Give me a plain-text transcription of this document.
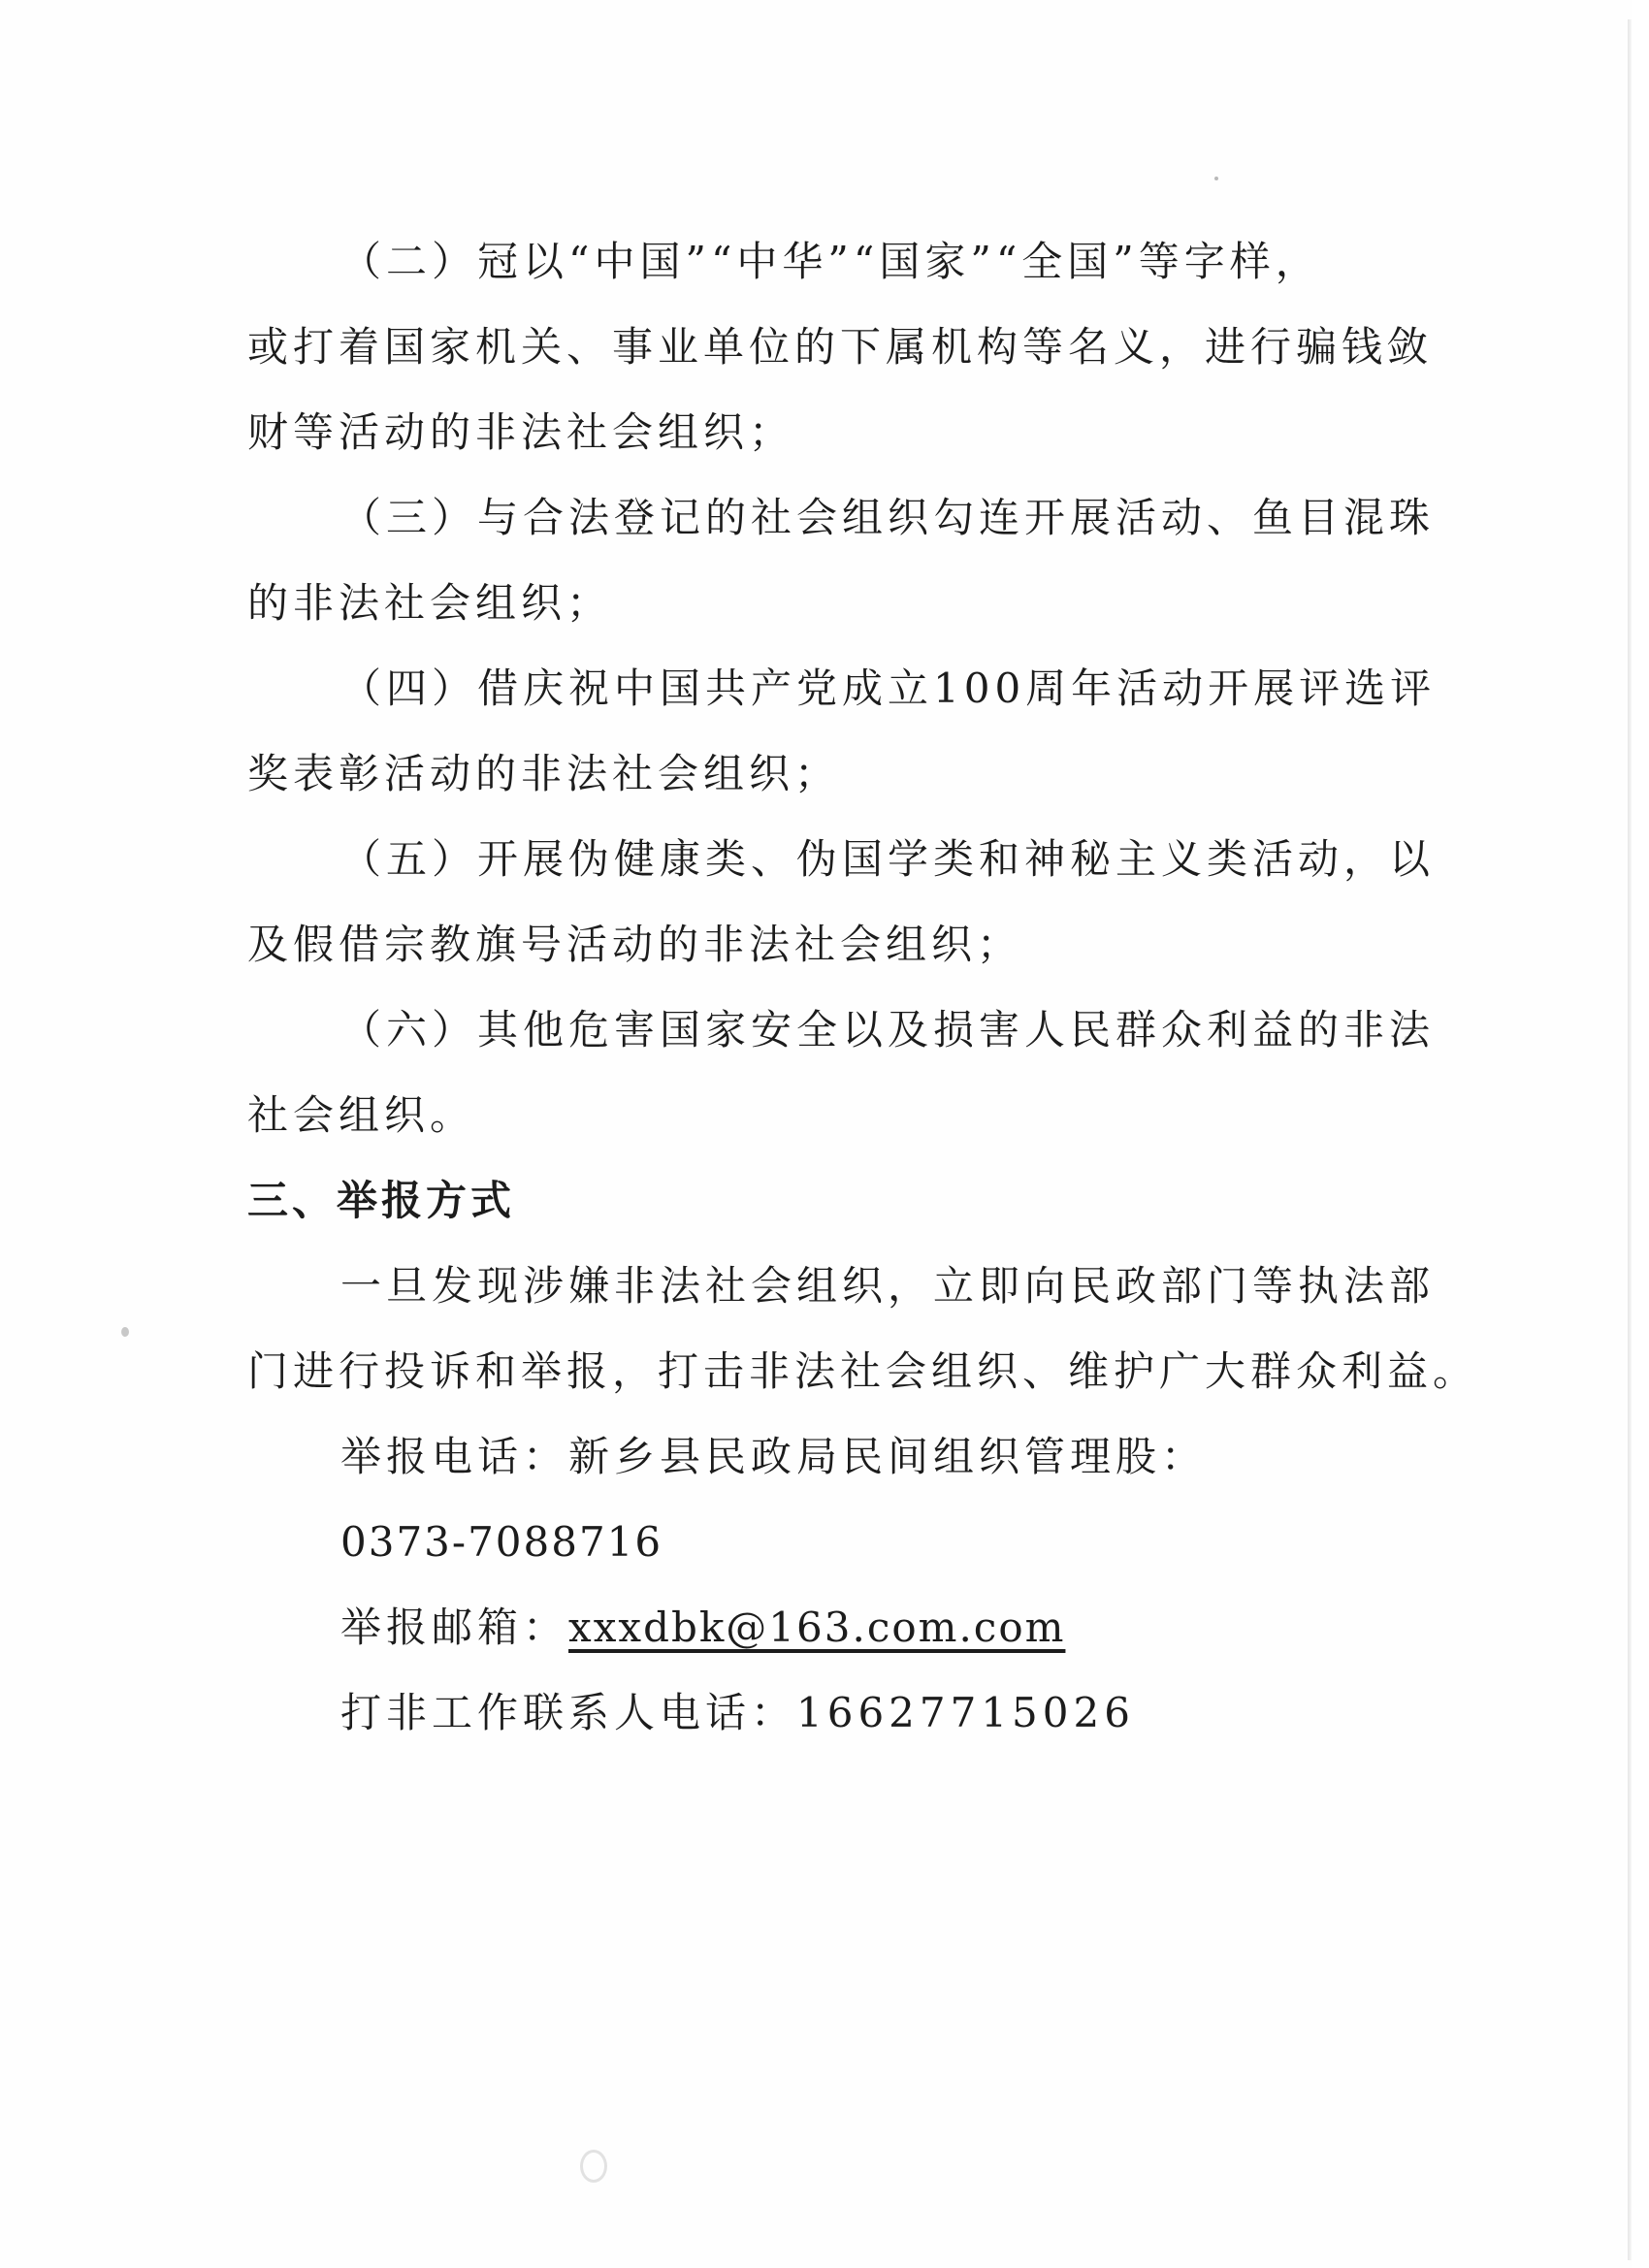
（二）冠以“中国”“中华”“国家”“全国”等字样，
或打着国家机关、事业单位的下属机构等名义，进行骗钱敛
财等活动的非法社会组织；
（三）与合法登记的社会组织勾连开展活动、鱼目混珠
的非法社会组织；
（四）借庆祝中国共产党成立100周年活动开展评选评
奖表彰活动的非法社会组织；
（五）开展伪健康类、伪国学类和神秘主义类活动，以
及假借宗教旗号活动的非法社会组织；
（六）其他危害国家安全以及损害人民群众利益的非法
社会组织。
三、举报方式
一旦发现涉嫌非法社会组织，立即向民政部门等执法部
门进行投诉和举报，打击非法社会组织、维护广大群众利益。
举报电话：新乡县民政局民间组织管理股：
0373-7088716
举报邮箱：xxxdbk@163.com.com
打非工作联系人电话：16627715026
